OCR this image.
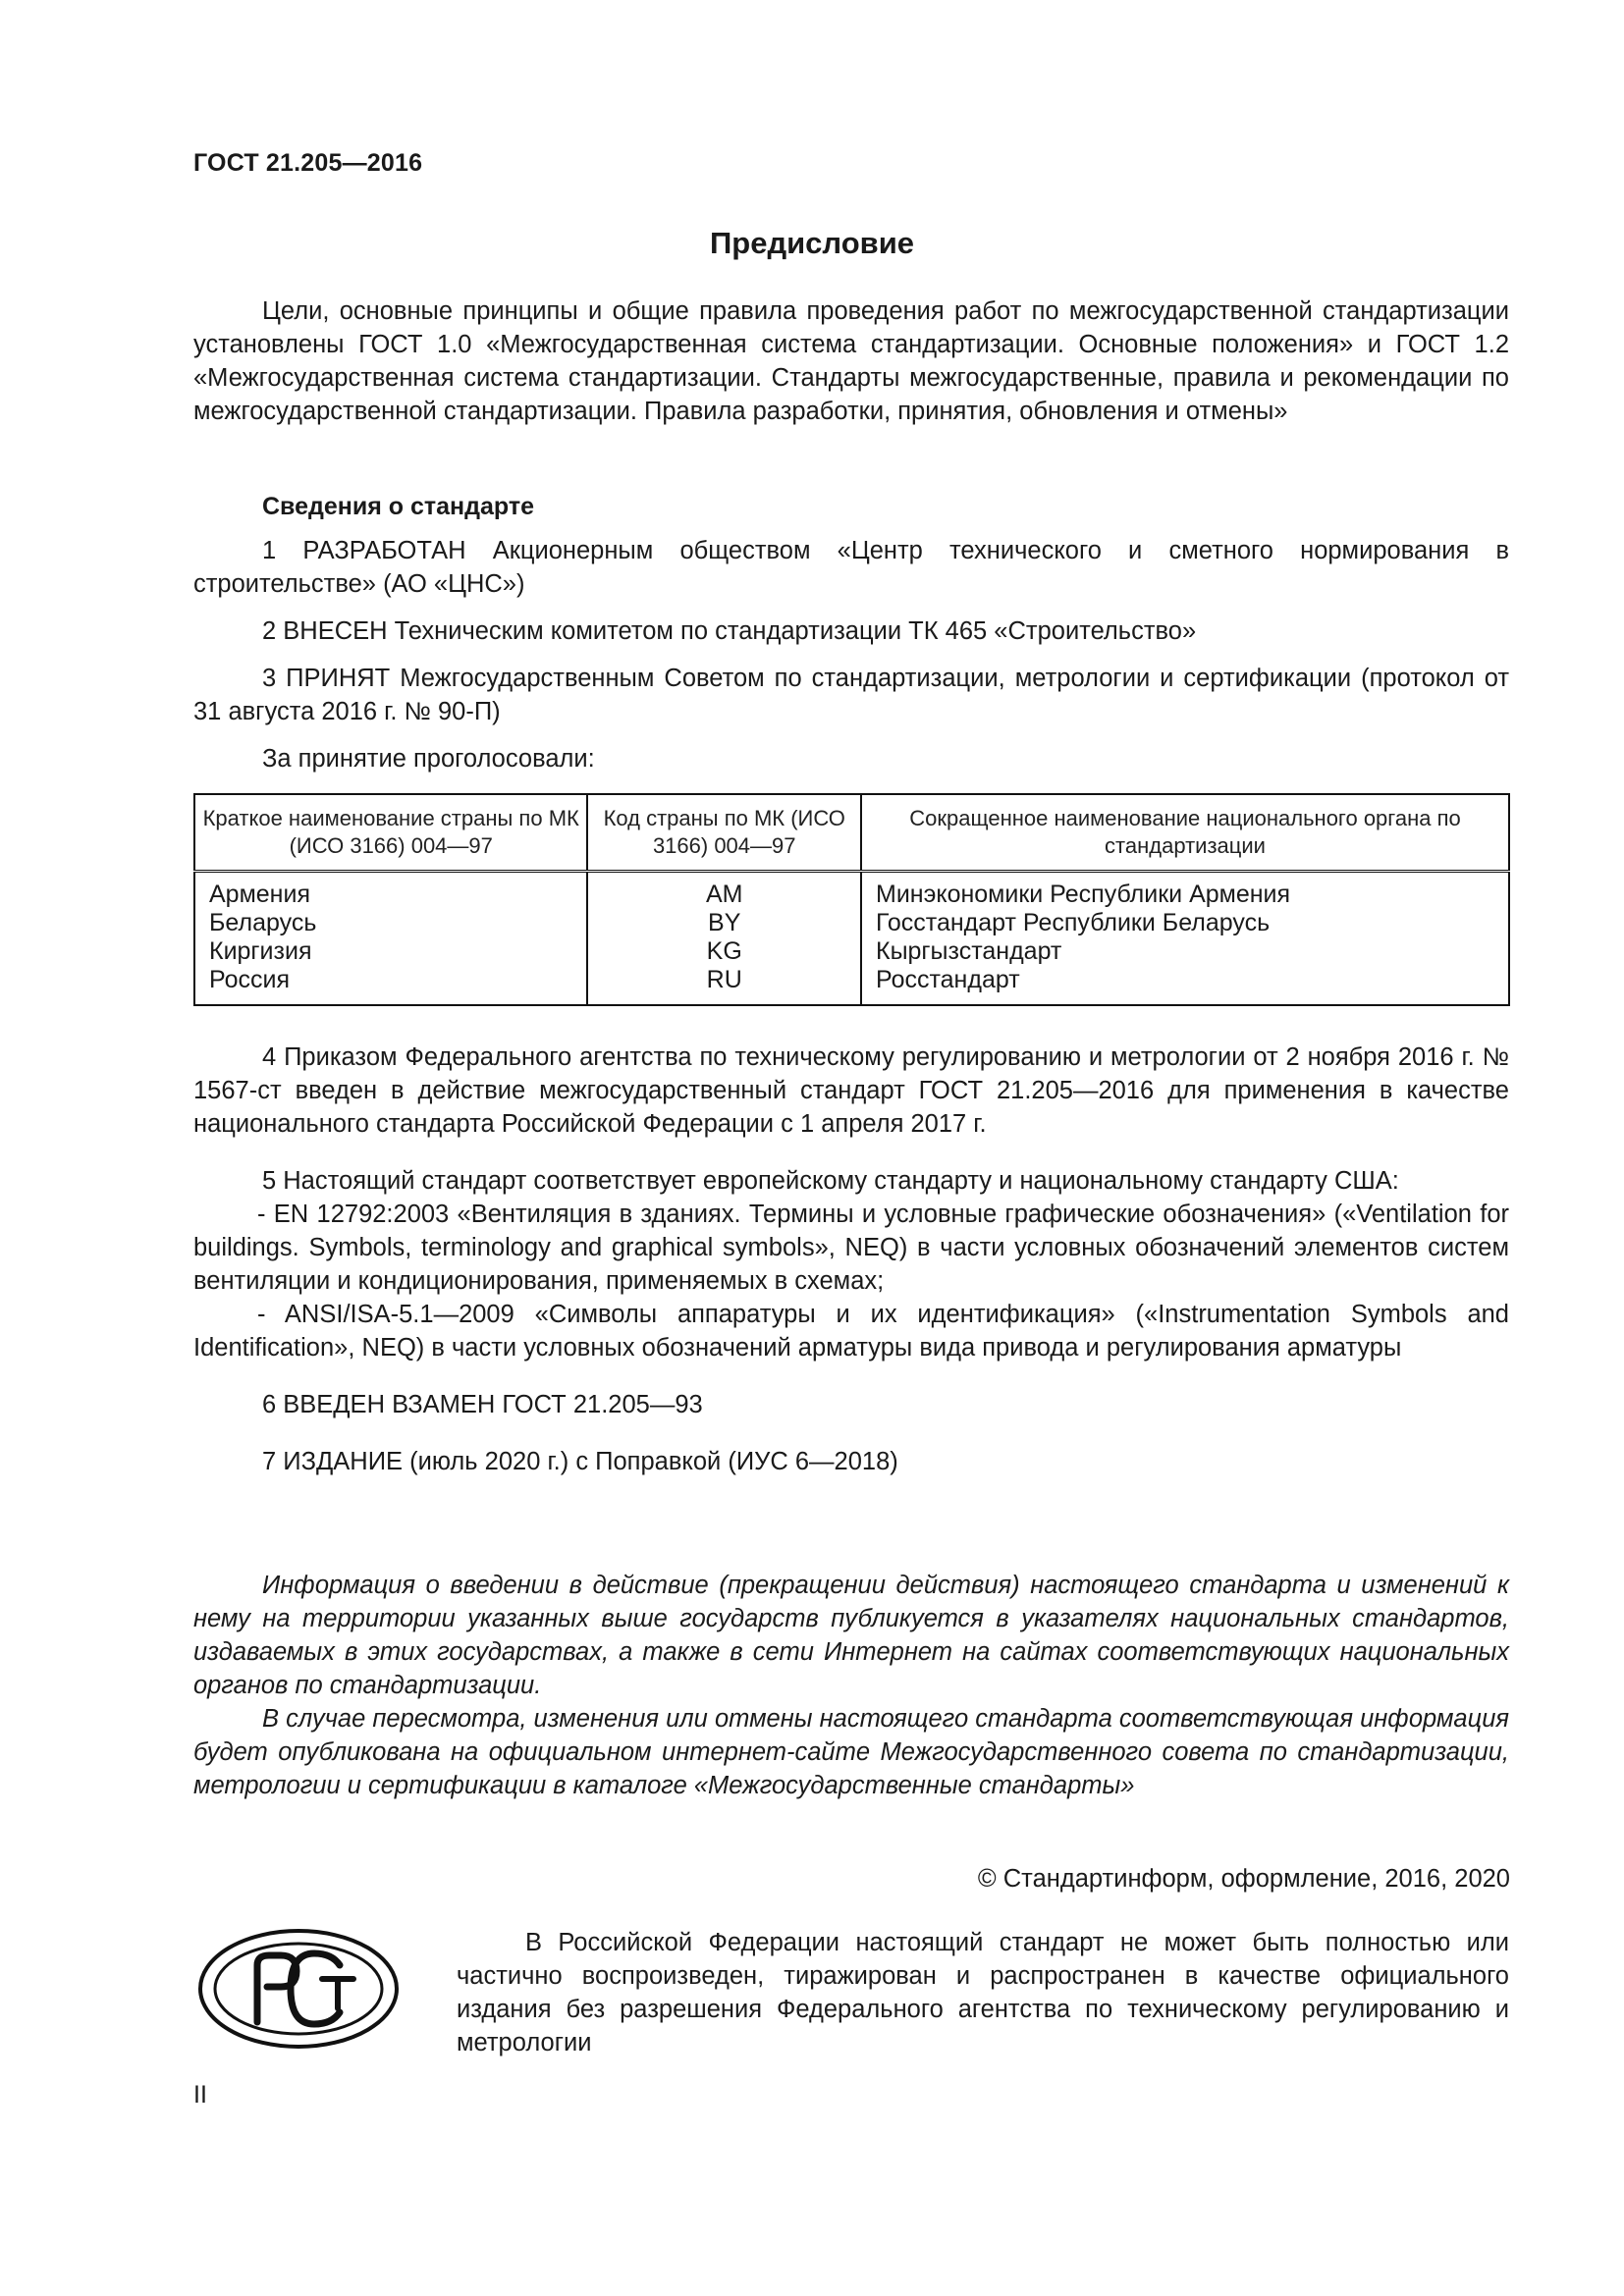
ГОСТ 21.205—2016
Предисловие

Цели, основные принципы и общие правила проведения работ по межгосударственной стандартизации установлены ГОСТ 1.0 «Межгосударственная система стандартизации. Основные положения» и ГОСТ 1.2 «Межгосударственная система стандартизации. Стандарты межгосударственные, правила и рекомендации по межгосударственной стандартизации. Правила разработки, принятия, обновления и отмены»

Сведения о стандарте

1 РАЗРАБОТАН Акционерным обществом «Центр технического и сметного нормирования в строительстве» (АО «ЦНС»)

2 ВНЕСЕН Техническим комитетом по стандартизации ТК 465 «Строительство»

3 ПРИНЯТ Межгосударственным Советом по стандартизации, метрологии и сертификации (протокол от 31 августа 2016 г. № 90-П)

За принятие проголосовали:

Краткое наименование страны по МК (ИСО 3166) 004—97	Код страны по МК (ИСО 3166) 004—97	Сокращенное наименование национального органа по стандартизации
Армения	AM	Минэкономики Республики Армения
Беларусь	BY	Госстандарт Республики Беларусь
Киргизия	KG	Кыргызстандарт
Россия	RU	Росстандарт

4 Приказом Федерального агентства по техническому регулированию и метрологии от 2 ноября 2016 г. № 1567-ст введен в действие межгосударственный стандарт ГОСТ 21.205—2016 для применения в качестве национального стандарта Российской Федерации с 1 апреля 2017 г.

5 Настоящий стандарт соответствует европейскому стандарту и национальному стандарту США:

- EN 12792:2003 «Вентиляция в зданиях. Термины и условные графические обозначения» («Ventilation for buildings. Symbols, terminology and graphical symbols», NEQ) в части условных обозначений элементов систем вентиляции и кондиционирования, применяемых в схемах;

- ANSI/ISA-5.1—2009 «Символы аппаратуры и их идентификация» («Instrumentation Symbols and Identification», NEQ) в части условных обозначений арматуры вида привода и регулирования арматуры

6 ВВЕДЕН ВЗАМЕН ГОСТ 21.205—93

7 ИЗДАНИЕ (июль 2020 г.) с Поправкой (ИУС 6—2018)

Информация о введении в действие (прекращении действия) настоящего стандарта и изменений к нему на территории указанных выше государств публикуется в указателях национальных стандартов, издаваемых в этих государствах, а также в сети Интернет на сайтах соответствующих национальных органов по стандартизации.

В случае пересмотра, изменения или отмены настоящего стандарта соответствующая информация будет опубликована на официальном интернет-сайте Межгосударственного совета по стандартизации, метрологии и сертификации в каталоге «Межгосударственные стандарты»

© Стандартинформ, оформление, 2016, 2020

В Российской Федерации настоящий стандарт не может быть полностью или частично воспроизведен, тиражирован и распространен в качестве официального издания без разрешения Федерального агентства по техническому регулированию и метрологии

II
